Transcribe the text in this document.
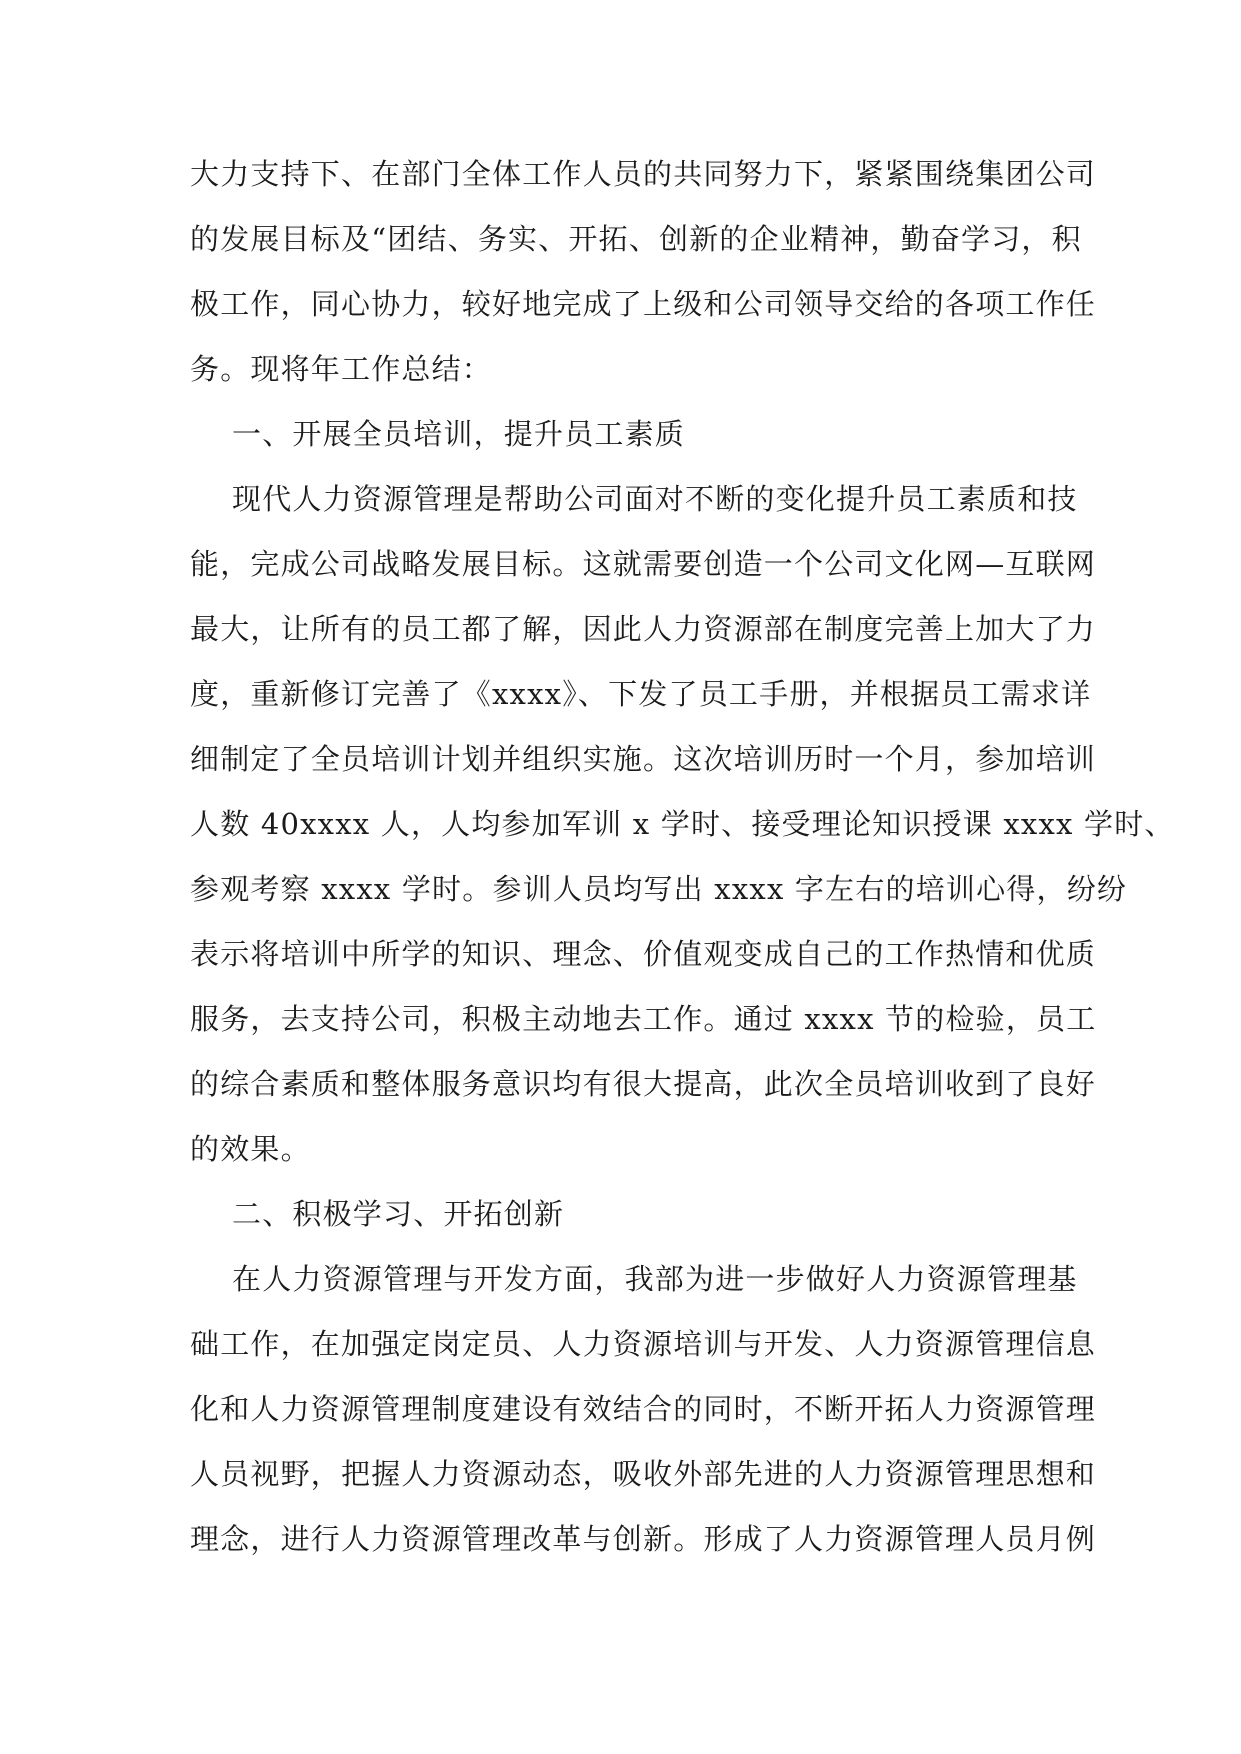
大力支持下、在部门全体工作人员的共同努力下，紧紧围绕集团公司
的发展目标及“团结、务实、开拓、创新的企业精神，勤奋学习，积
极工作，同心协力，较好地完成了上级和公司领导交给的各项工作任
务。现将年工作总结：
一、开展全员培训，提升员工素质
现代人力资源管理是帮助公司面对不断的变化提升员工素质和技
能，完成公司战略发展目标。这就需要创造一个公司文化网—互联网
最大，让所有的员工都了解，因此人力资源部在制度完善上加大了力
度，重新修订完善了《xxxx》、下发了员工手册，并根据员工需求详
细制定了全员培训计划并组织实施。这次培训历时一个月，参加培训
人数 40xxxx 人，人均参加军训 x 学时、接受理论知识授课 xxxx 学时、
参观考察 xxxx 学时。参训人员均写出 xxxx 字左右的培训心得，纷纷
表示将培训中所学的知识、理念、价值观变成自己的工作热情和优质
服务，去支持公司，积极主动地去工作。通过 xxxx 节的检验，员工
的综合素质和整体服务意识均有很大提高，此次全员培训收到了良好
的效果。
二、积极学习、开拓创新
在人力资源管理与开发方面，我部为进一步做好人力资源管理基
础工作，在加强定岗定员、人力资源培训与开发、人力资源管理信息
化和人力资源管理制度建设有效结合的同时，不断开拓人力资源管理
人员视野，把握人力资源动态，吸收外部先进的人力资源管理思想和
理念，进行人力资源管理改革与创新。形成了人力资源管理人员月例
